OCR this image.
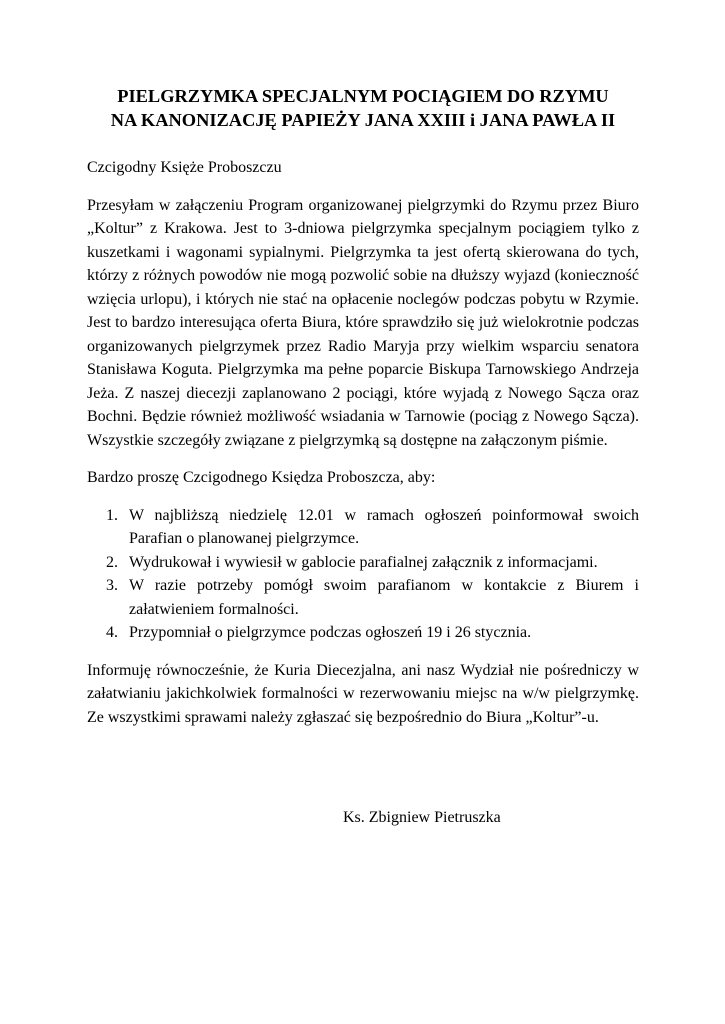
PIELGRZYMKA SPECJALNYM POCIĄGIEM DO RZYMU
NA KANONIZACJĘ PAPIEŻY JANA XXIII i JANA PAWŁA II

Czcigodny Księże Proboszczu

Przesyłam w załączeniu Program organizowanej pielgrzymki do Rzymu przez Biuro „Koltur” z Krakowa. Jest to 3-dniowa pielgrzymka specjalnym pociągiem tylko z kuszetkami i wagonami sypialnymi. Pielgrzymka ta jest ofertą skierowana do tych, którzy z różnych powodów nie mogą pozwolić sobie na dłuższy wyjazd (konieczność wzięcia urlopu), i których nie stać na opłacenie noclegów podczas pobytu w Rzymie. Jest to bardzo interesująca oferta Biura, które sprawdziło się już wielokrotnie podczas organizowanych pielgrzymek przez Radio Maryja przy wielkim wsparciu senatora Stanisława Koguta. Pielgrzymka ma pełne poparcie Biskupa Tarnowskiego Andrzeja Jeża. Z naszej diecezji zaplanowano 2 pociągi, które wyjadą z Nowego Sącza oraz Bochni. Będzie również możliwość wsiadania w Tarnowie (pociąg z Nowego Sącza). Wszystkie szczegóły związane z pielgrzymką są dostępne na załączonym piśmie.

Bardzo proszę Czcigodnego Księdza Proboszcza, aby:

1. W najbliższą niedzielę 12.01 w ramach ogłoszeń poinformował swoich Parafian o planowanej pielgrzymce.
2. Wydrukował i wywiesił w gablocie parafialnej załącznik z informacjami.
3. W razie potrzeby pomógł swoim parafianom w kontakcie z Biurem i załatwieniem formalności.
4. Przypomniał o pielgrzymce podczas ogłoszeń 19 i 26 stycznia.

Informuję równocześnie, że Kuria Diecezjalna, ani nasz Wydział nie pośredniczy w załatwianiu jakichkolwiek formalności w rezerwowaniu miejsc na w/w pielgrzymkę. Ze wszystkimi sprawami należy zgłaszać się bezpośrednio do Biura „Koltur”-u.

Ks. Zbigniew Pietruszka
